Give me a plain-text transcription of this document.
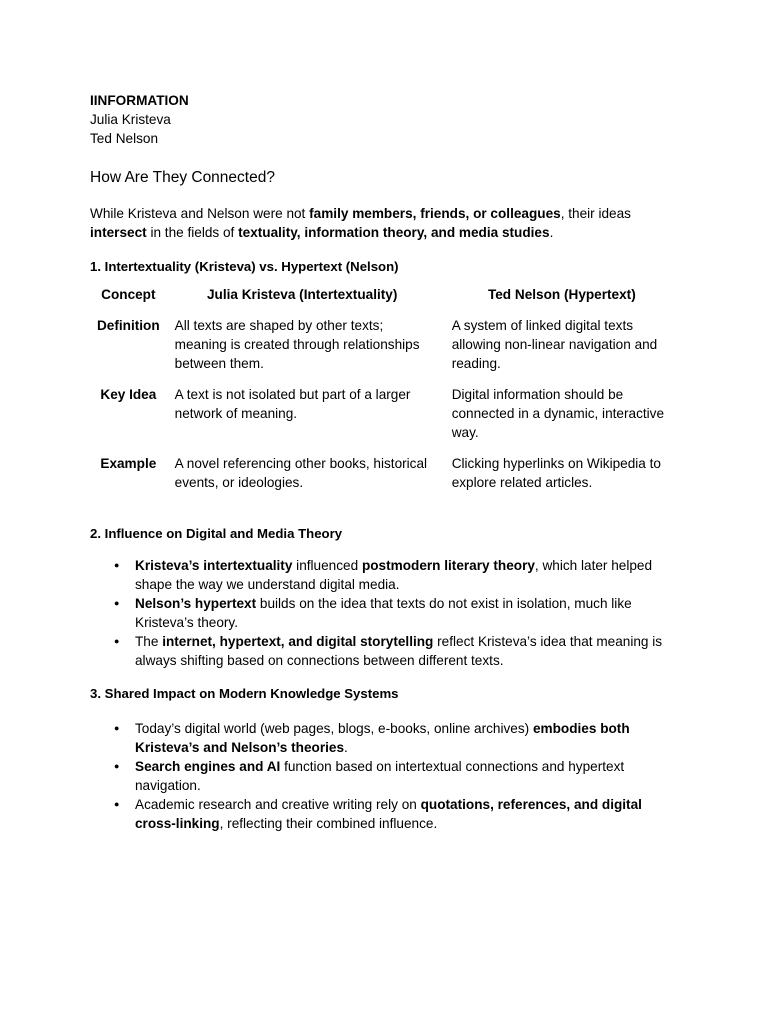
IINFORMATION
Julia Kristeva
Ted Nelson
How Are They Connected?
While Kristeva and Nelson were not family members, friends, or colleagues, their ideas
intersect in the fields of textuality, information theory, and media studies.
1. Intertextuality (Kristeva) vs. Hypertext (Nelson)
Concept	Julia Kristeva (Intertextuality)	Ted Nelson (Hypertext)
Definition	All texts are shaped by other texts; meaning is created through relationships between them.	A system of linked digital texts allowing non-linear navigation and reading.
Key Idea	A text is not isolated but part of a larger network of meaning.	Digital information should be connected in a dynamic, interactive way.
Example	A novel referencing other books, historical events, or ideologies.	Clicking hyperlinks on Wikipedia to explore related articles.
2. Influence on Digital and Media Theory
● Kristeva’s intertextuality influenced postmodern literary theory, which later helped shape the way we understand digital media.
● Nelson’s hypertext builds on the idea that texts do not exist in isolation, much like Kristeva’s theory.
● The internet, hypertext, and digital storytelling reflect Kristeva’s idea that meaning is always shifting based on connections between different texts.
3. Shared Impact on Modern Knowledge Systems
● Today’s digital world (web pages, blogs, e-books, online archives) embodies both Kristeva’s and Nelson’s theories.
● Search engines and AI function based on intertextual connections and hypertext navigation.
● Academic research and creative writing rely on quotations, references, and digital cross-linking, reflecting their combined influence.
